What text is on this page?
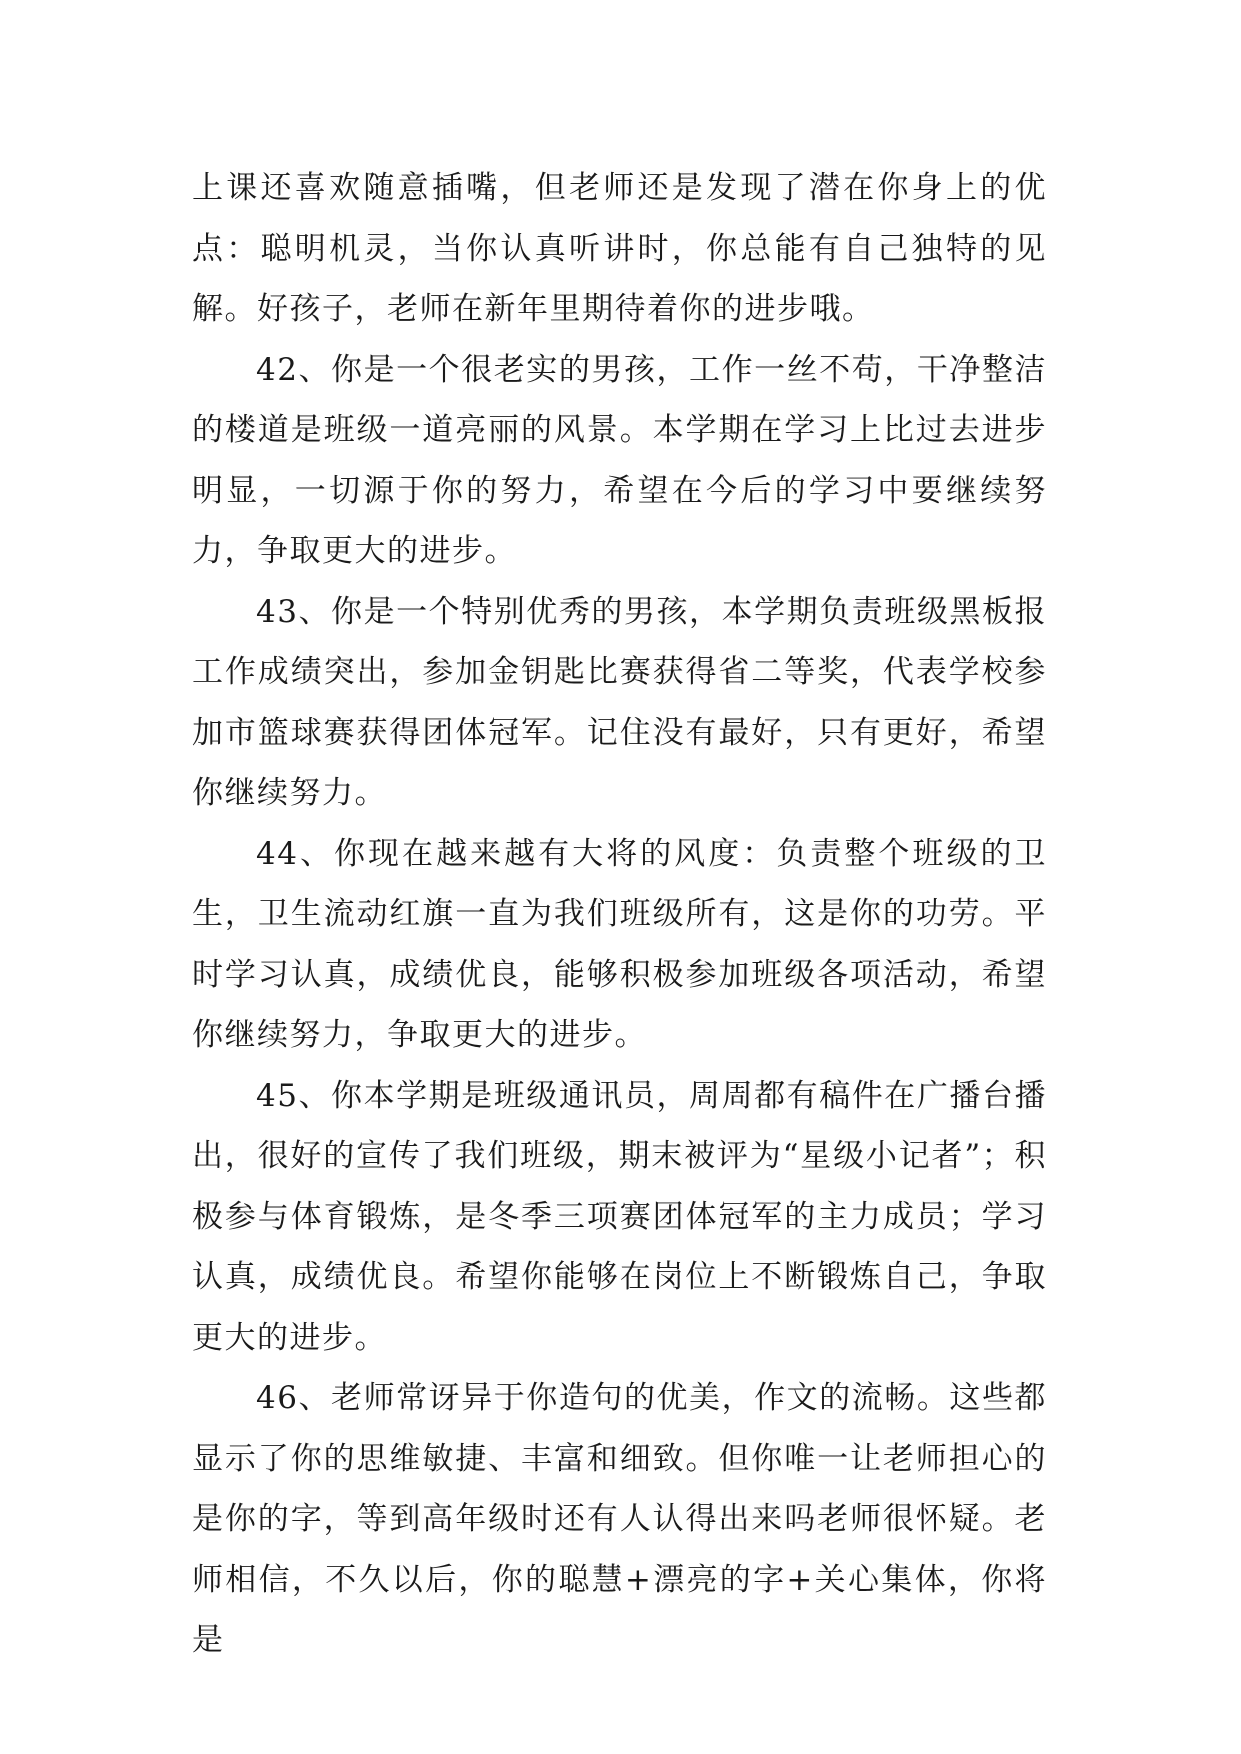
上课还喜欢随意插嘴，但老师还是发现了潜在你身上的优点：聪明机灵，当你认真听讲时，你总能有自己独特的见解。好孩子，老师在新年里期待着你的进步哦。

42、你是一个很老实的男孩，工作一丝不苟，干净整洁的楼道是班级一道亮丽的风景。本学期在学习上比过去进步明显，一切源于你的努力，希望在今后的学习中要继续努力，争取更大的进步。

43、你是一个特别优秀的男孩，本学期负责班级黑板报工作成绩突出，参加金钥匙比赛获得省二等奖，代表学校参加市篮球赛获得团体冠军。记住没有最好，只有更好，希望你继续努力。

44、你现在越来越有大将的风度：负责整个班级的卫生，卫生流动红旗一直为我们班级所有，这是你的功劳。平时学习认真，成绩优良，能够积极参加班级各项活动，希望你继续努力，争取更大的进步。

45、你本学期是班级通讯员，周周都有稿件在广播台播出，很好的宣传了我们班级，期末被评为“星级小记者”；积极参与体育锻炼，是冬季三项赛团体冠军的主力成员；学习认真，成绩优良。希望你能够在岗位上不断锻炼自己，争取更大的进步。

46、老师常讶异于你造句的优美，作文的流畅。这些都显示了你的思维敏捷、丰富和细致。但你唯一让老师担心的是你的字，等到高年级时还有人认得出来吗老师很怀疑。老师相信，不久以后，你的聪慧+漂亮的字+关心集体，你将是
